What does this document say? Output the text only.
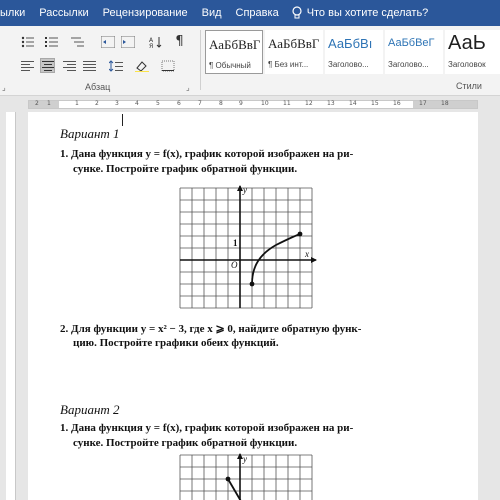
ылки	Рассылки	Рецензирование	Вид	Справка	Что вы хотите сделать?
А
Я ¶
Абзац	⌟
⌟
АаБбВвГ
¶ Обычный
АаБбВвГ
¶ Без инт...
АаБбВı
Заголово...
АаБбВеГ
Заголово...
АаЬ
Заголовок
Стили
2 1	1	2	3	4	5	6	7	8	9	10 11 12 13 14 15 16	17 18
Вариант 1
1. Дана функция y = f(x), график которой изображен на ри-
сунке. Постройте график обратной функции.
y
x
O
1
2. Для функции y = x² − 3, где x ⩾ 0, найдите обратную функ-
цию. Постройте графики обеих функций.
Вариант 2
1. Дана функция y = f(x), график которой изображен на ри-
сунке. Постройте график обратной функции.
y
